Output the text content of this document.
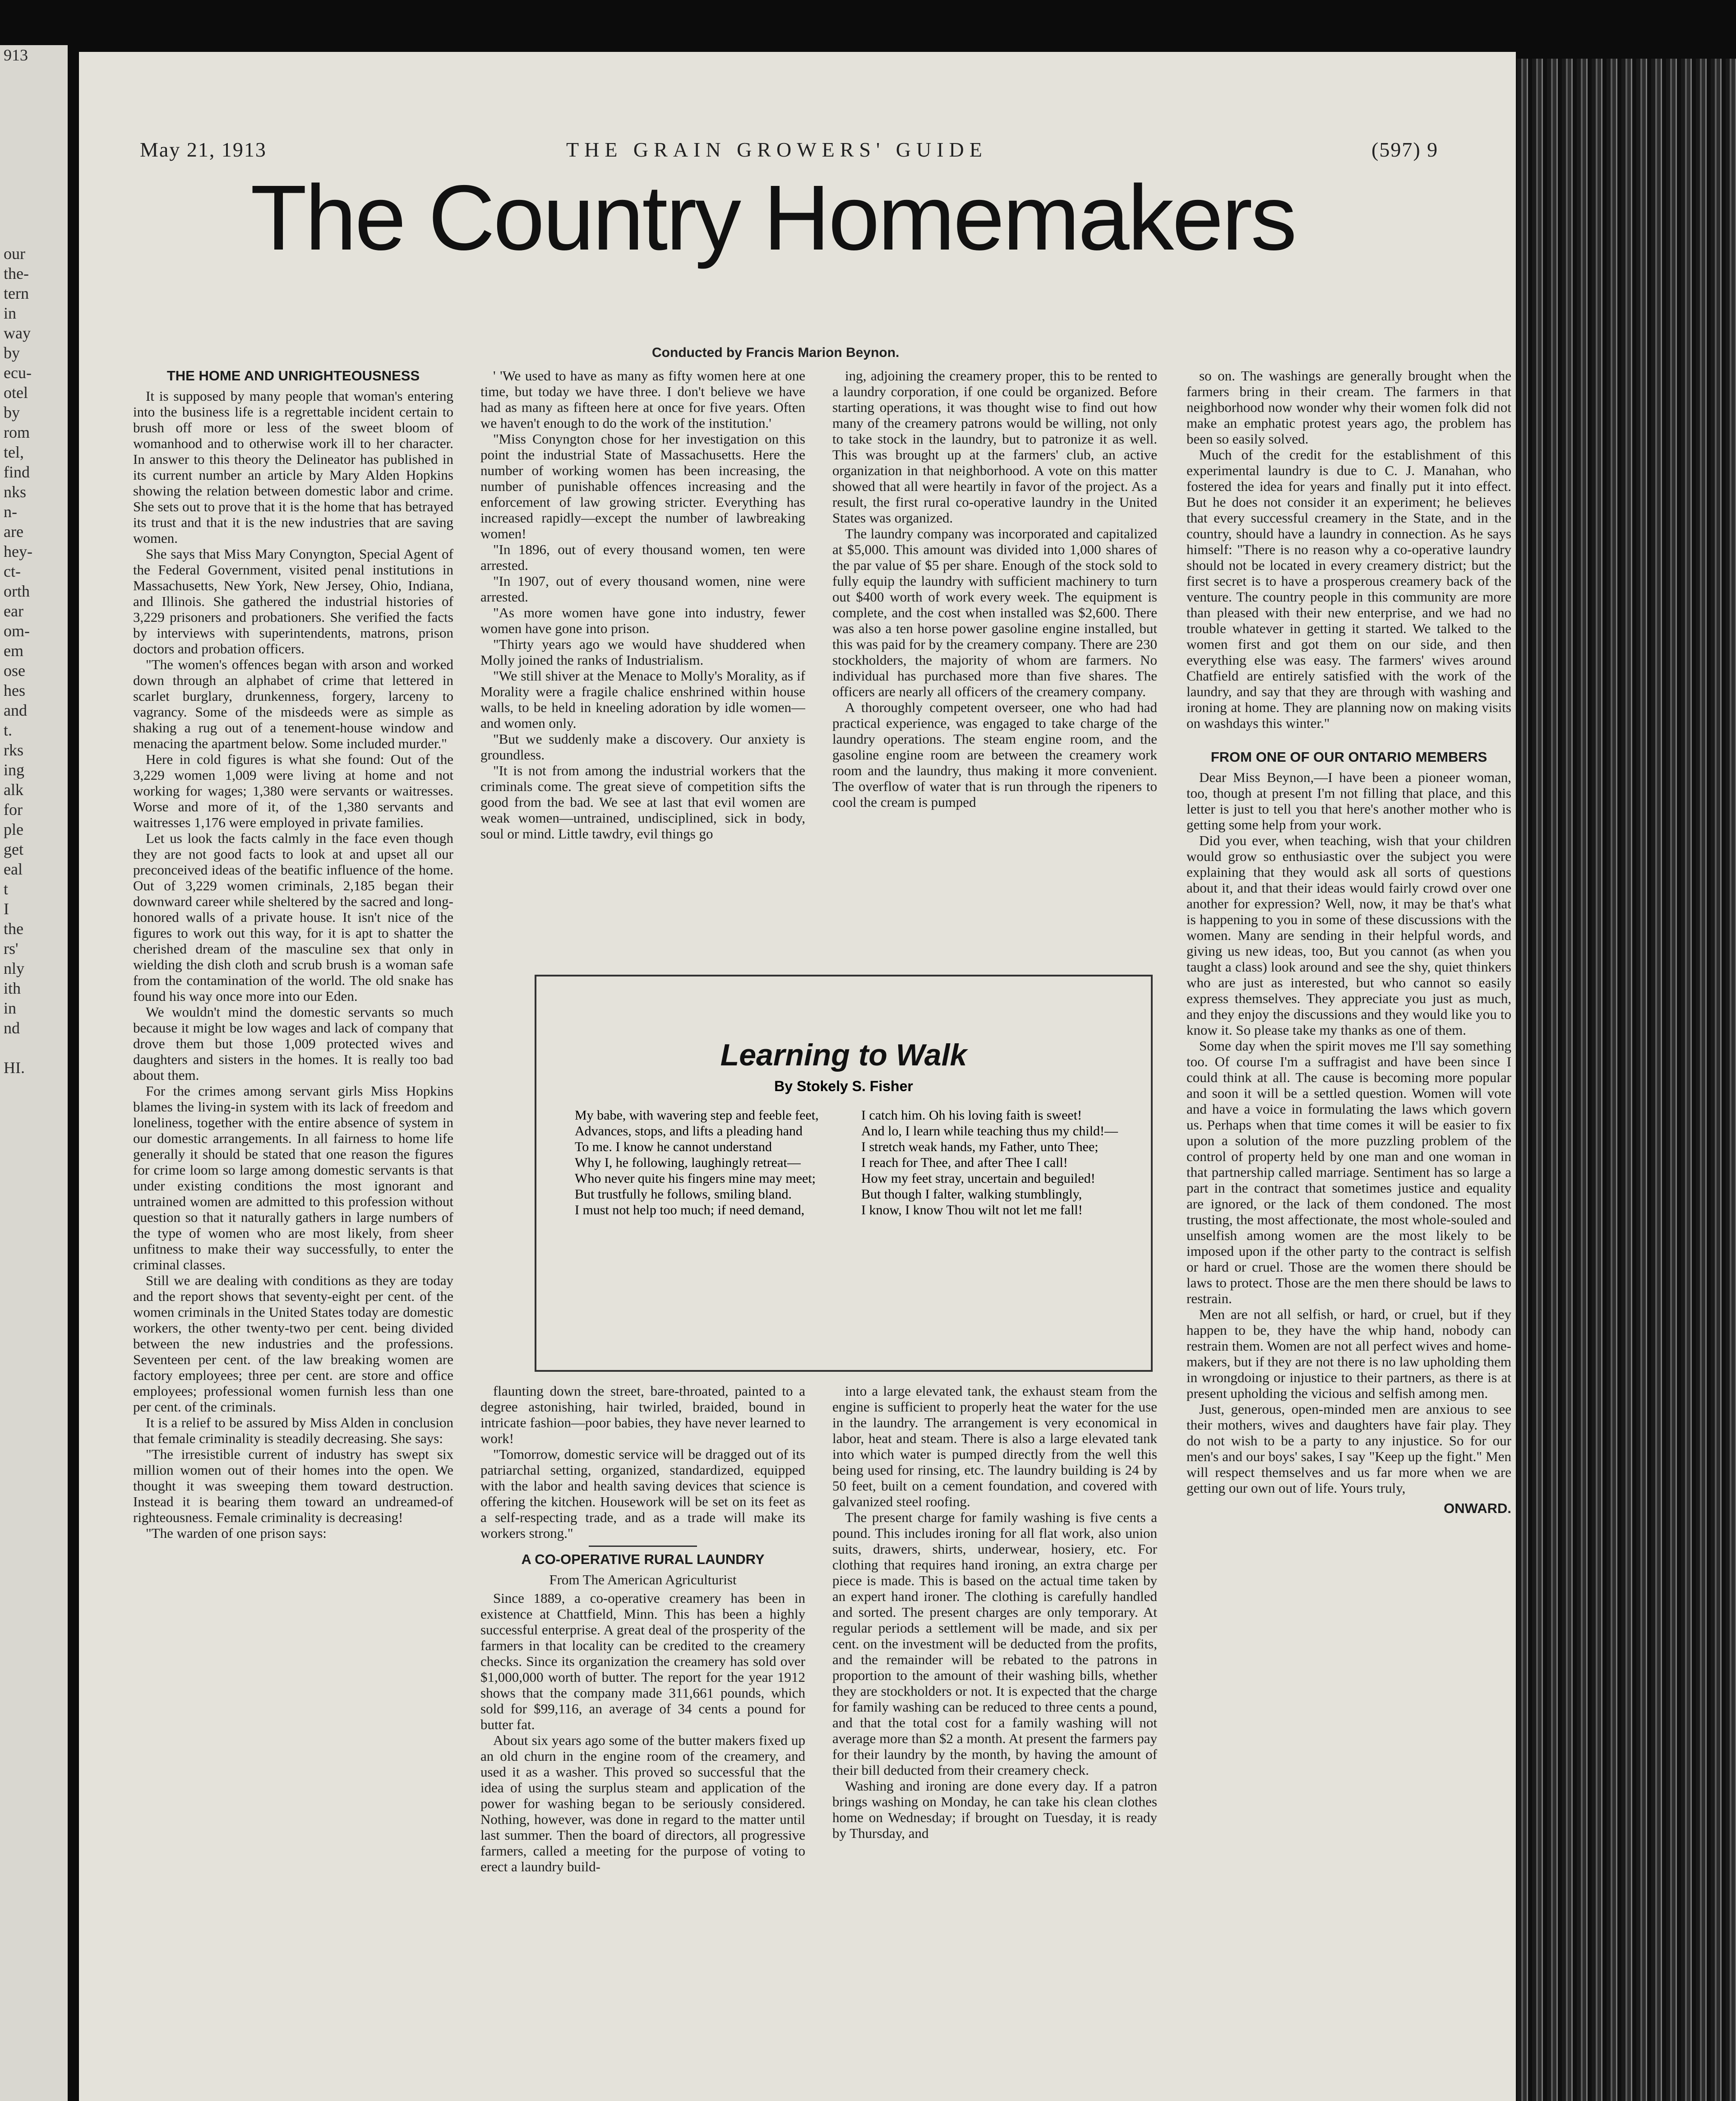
913

our
the-
tern
in
way
by
ecu-
otel
by
rom
tel,
find
nks
n-
are
hey-
ct-
orth
ear
om-
em
ose
hes
and
t.
rks
ing
alk
for
ple
get
eal
t
I
the
rs'
nly
ith
in
nd

HI.
May 21, 1913	THE GRAIN GROWERS' GUIDE	(597) 9
The Country Homemakers
Conducted by Francis Marion Beynon.
THE HOME AND UNRIGHTEOUSNESS

It is supposed by many people that woman's entering into the business life is a regrettable incident certain to brush off more or less of the sweet bloom of womanhood and to otherwise work ill to her character. In answer to this theory the Delineator has published in its current number an article by Mary Alden Hopkins showing the relation between domestic labor and crime. She sets out to prove that it is the home that has betrayed its trust and that it is the new industries that are saving women.

She says that Miss Mary Conyngton, Special Agent of the Federal Government, visited penal institutions in Massachusetts, New York, New Jersey, Ohio, Indiana, and Illinois. She gathered the industrial histories of 3,229 prisoners and probationers. She verified the facts by interviews with superintendents, matrons, prison doctors and probation officers.

"The women's offences began with arson and worked down through an alphabet of crime that lettered in scarlet burglary, drunkenness, forgery, larceny to vagrancy. Some of the misdeeds were as simple as shaking a rug out of a tenement-house window and menacing the apartment below. Some included murder."

Here in cold figures is what she found: Out of the 3,229 women 1,009 were living at home and not working for wages; 1,380 were servants or waitresses. Worse and more of it, of the 1,380 servants and waitresses 1,176 were employed in private families.

Let us look the facts calmly in the face even though they are not good facts to look at and upset all our preconceived ideas of the beatific influence of the home. Out of 3,229 women criminals, 2,185 began their downward career while sheltered by the sacred and long-honored walls of a private house. It isn't nice of the figures to work out this way, for it is apt to shatter the cherished dream of the masculine sex that only in wielding the dish cloth and scrub brush is a woman safe from the contamination of the world. The old snake has found his way once more into our Eden.

We wouldn't mind the domestic servants so much because it might be low wages and lack of company that drove them but those 1,009 protected wives and daughters and sisters in the homes. It is really too bad about them.

For the crimes among servant girls Miss Hopkins blames the living-in system with its lack of freedom and loneliness, together with the entire absence of system in our domestic arrangements. In all fairness to home life generally it should be stated that one reason the figures for crime loom so large among domestic servants is that under existing conditions the most ignorant and untrained women are admitted to this profession without question so that it naturally gathers in large numbers of the type of women who are most likely, from sheer unfitness to make their way successfully, to enter the criminal classes.

Still we are dealing with conditions as they are today and the report shows that seventy-eight per cent. of the women criminals in the United States today are domestic workers, the other twenty-two per cent. being divided between the new industries and the professions. Seventeen per cent. of the law breaking women are factory employees; three per cent. are store and office employees; professional women furnish less than one per cent. of the criminals.

It is a relief to be assured by Miss Alden in conclusion that female criminality is steadily decreasing. She says:

"The irresistible current of industry has swept six million women out of their homes into the open. We thought it was sweeping them toward destruction. Instead it is bearing them toward an undreamed-of righteousness. Female criminality is decreasing!

"The warden of one prison says:

' 'We used to have as many as fifty women here at one time, but today we have three. I don't believe we have had as many as fifteen here at once for five years. Often we haven't enough to do the work of the institution.'

"Miss Conyngton chose for her investigation on this point the industrial State of Massachusetts. Here the number of working women has been increasing, the number of punishable offences increasing and the enforcement of law growing stricter. Everything has increased rapidly—except the number of lawbreaking women!

"In 1896, out of every thousand women, ten were arrested.

"In 1907, out of every thousand women, nine were arrested.

"As more women have gone into industry, fewer women have gone into prison.

"Thirty years ago we would have shuddered when Molly joined the ranks of Industrialism.

"We still shiver at the Menace to Molly's Morality, as if Morality were a fragile chalice enshrined within house walls, to be held in kneeling adoration by idle women—and women only.

"But we suddenly make a discovery. Our anxiety is groundless.

"It is not from among the industrial workers that the criminals come. The great sieve of competition sifts the good from the bad. We see at last that evil women are weak women—untrained, undisciplined, sick in body, soul or mind. Little tawdry, evil things go

ing, adjoining the creamery proper, this to be rented to a laundry corporation, if one could be organized. Before starting operations, it was thought wise to find out how many of the creamery patrons would be willing, not only to take stock in the laundry, but to patronize it as well. This was brought up at the farmers' club, an active organization in that neighborhood. A vote on this matter showed that all were heartily in favor of the project. As a result, the first rural co-operative laundry in the United States was organized.

The laundry company was incorporated and capitalized at $5,000. This amount was divided into 1,000 shares of the par value of $5 per share. Enough of the stock sold to fully equip the laundry with sufficient machinery to turn out $400 worth of work every week. The equipment is complete, and the cost when installed was $2,600. There was also a ten horse power gasoline engine installed, but this was paid for by the creamery company. There are 230 stockholders, the majority of whom are farmers. No individual has purchased more than five shares. The officers are nearly all officers of the creamery company.

A thoroughly competent overseer, one who had had practical experience, was engaged to take charge of the laundry operations. The steam engine room, and the gasoline engine room are between the creamery work room and the laundry, thus making it more convenient. The overflow of water that is run through the ripeners to cool the cream is pumped

so on. The washings are generally brought when the farmers bring in their cream. The farmers in that neighborhood now wonder why their women folk did not make an emphatic protest years ago, the problem has been so easily solved.

Much of the credit for the establishment of this experimental laundry is due to C. J. Manahan, who fostered the idea for years and finally put it into effect. But he does not consider it an experiment; he believes that every successful creamery in the State, and in the country, should have a laundry in connection. As he says himself: "There is no reason why a co-operative laundry should not be located in every creamery district; but the first secret is to have a prosperous creamery back of the venture. The country people in this community are more than pleased with their new enterprise, and we had no trouble whatever in getting it started. We talked to the women first and got them on our side, and then everything else was easy. The farmers' wives around Chatfield are entirely satisfied with the work of the laundry, and say that they are through with washing and ironing at home. They are planning now on making visits on washdays this winter."

FROM ONE OF OUR ONTARIO MEMBERS

Dear Miss Beynon,—I have been a pioneer woman, too, though at present I'm not filling that place, and this letter is just to tell you that here's another mother who is getting some help from your work.

Did you ever, when teaching, wish that your children would grow so enthusiastic over the subject you were explaining that they would ask all sorts of questions about it, and that their ideas would fairly crowd over one another for expression? Well, now, it may be that's what is happening to you in some of these discussions with the women. Many are sending in their helpful words, and giving us new ideas, too, But you cannot (as when you taught a class) look around and see the shy, quiet thinkers who are just as interested, but who cannot so easily express themselves. They appreciate you just as much, and they enjoy the discussions and they would like you to know it. So please take my thanks as one of them.

Some day when the spirit moves me I'll say something too. Of course I'm a suffragist and have been since I could think at all. The cause is becoming more popular and soon it will be a settled question. Women will vote and have a voice in formulating the laws which govern us. Perhaps when that time comes it will be easier to fix upon a solution of the more puzzling problem of the control of property held by one man and one woman in that partnership called marriage. Sentiment has so large a part in the contract that sometimes justice and equality are ignored, or the lack of them condoned. The most trusting, the most affectionate, the most whole-souled and unselfish among women are the most likely to be imposed upon if the other party to the contract is selfish or hard or cruel. Those are the women there should be laws to protect. Those are the men there should be laws to restrain.

Men are not all selfish, or hard, or cruel, but if they happen to be, they have the whip hand, nobody can restrain them. Women are not all perfect wives and home-makers, but if they are not there is no law upholding them in wrongdoing or injustice to their partners, as there is at present upholding the vicious and selfish among men.

Just, generous, open-minded men are anxious to see their mothers, wives and daughters have fair play. They do not wish to be a party to any injustice. So for our men's and our boys' sakes, I say "Keep up the fight." Men will respect themselves and us far more when we are getting our own out of life. Yours truly,

ONWARD.
Learning to Walk
By Stokely S. Fisher
My babe, with wavering step and feeble feet,
Advances, stops, and lifts a pleading hand
To me. I know he cannot understand
Why I, he following, laughingly retreat—
Who never quite his fingers mine may meet;
But trustfully he follows, smiling bland.
I must not help too much; if need demand,
I catch him. Oh his loving faith is sweet!
And lo, I learn while teaching thus my child!—
I stretch weak hands, my Father, unto Thee;
I reach for Thee, and after Thee I call!
How my feet stray, uncertain and beguiled!
But though I falter, walking stumblingly,
I know, I know Thou wilt not let me fall!

flaunting down the street, bare-throated, painted to a degree astonishing, hair twirled, braided, bound in intricate fashion—poor babies, they have never learned to work!

"Tomorrow, domestic service will be dragged out of its patriarchal setting, organized, standardized, equipped with the labor and health saving devices that science is offering the kitchen. Housework will be set on its feet as a self-respecting trade, and as a trade will make its workers strong."

A CO-OPERATIVE RURAL LAUNDRY
From The American Agriculturist

Since 1889, a co-operative creamery has been in existence at Chattfield, Minn. This has been a highly successful enterprise. A great deal of the prosperity of the farmers in that locality can be credited to the creamery checks. Since its organization the creamery has sold over $1,000,000 worth of butter. The report for the year 1912 shows that the company made 311,661 pounds, which sold for $99,116, an average of 34 cents a pound for butter fat.

About six years ago some of the butter makers fixed up an old churn in the engine room of the creamery, and used it as a washer. This proved so successful that the idea of using the surplus steam and application of the power for washing began to be seriously considered. Nothing, however, was done in regard to the matter until last summer. Then the board of directors, all progressive farmers, called a meeting for the purpose of voting to erect a laundry build-

into a large elevated tank, the exhaust steam from the engine is sufficient to properly heat the water for the use in the laundry. The arrangement is very economical in labor, heat and steam. There is also a large elevated tank into which water is pumped directly from the well this being used for rinsing, etc. The laundry building is 24 by 50 feet, built on a cement foundation, and covered with galvanized steel roofing.

The present charge for family washing is five cents a pound. This includes ironing for all flat work, also union suits, drawers, shirts, underwear, hosiery, etc. For clothing that requires hand ironing, an extra charge per piece is made. This is based on the actual time taken by an expert hand ironer. The clothing is carefully handled and sorted. The present charges are only temporary. At regular periods a settlement will be made, and six per cent. on the investment will be deducted from the profits, and the remainder will be rebated to the patrons in proportion to the amount of their washing bills, whether they are stockholders or not. It is expected that the charge for family washing can be reduced to three cents a pound, and that the total cost for a family washing will not average more than $2 a month. At present the farmers pay for their laundry by the month, by having the amount of their bill deducted from their creamery check.

Washing and ironing are done every day. If a patron brings washing on Monday, he can take his clean clothes home on Wednesday; if brought on Tuesday, it is ready by Thursday, and
